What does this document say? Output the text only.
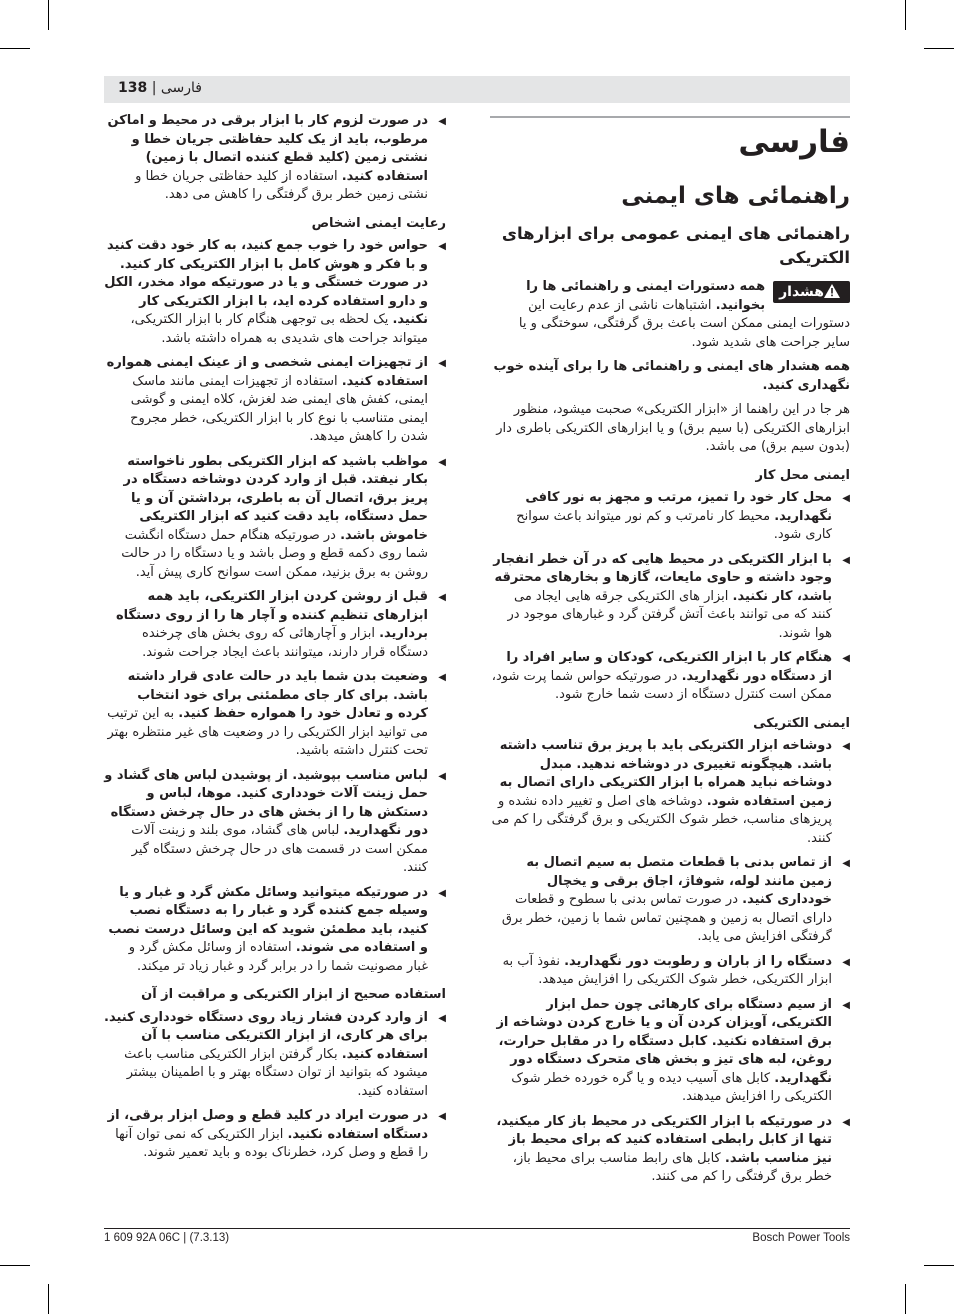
138 | فارسی
فارسی
راهنمائی های ایمنی
راهنمائی های ایمنی عمومی برای ابزارهای الکتریکی
هشدار
همه دستورات ایمنی و راهنمائی ها را بخوانید. اشتباهات ناشی از عدم رعایت این دستورات ایمنی ممکن است باعث برق گرفتگی، سوختگی و یا سایر جراحت های شدید شود.
همه هشدار های ایمنی و راهنمائی ها را برای آینده خوب نگهداری کنید.
هر جا در این راهنما از «ابزار الکتریکی» صحبت میشود، منظور ابزارهای الکتریکی (با سیم برق) و یا ابزارهای الکتریکی باطری دار (بدون سیم برق) می باشد.
ایمنی محل کار
◀ محل کار خود را تمیز، مرتب و مجهز به نور کافی نگهدارید. محیط کار نامرتب و کم نور میتواند باعث سوانح کاری شود.
◀ با ابزار الکتریکی در محیط هایی که در آن خطر انفجار وجود داشته و حاوی مایعات، گازها و بخارهای محترقه باشد، کار نکنید. ابزار های الکتریکی جرقه هایی ایجاد می کنند که می توانند باعث آتش گرفتن گرد و غبارهای موجود در هوا شوند.
◀ هنگام کار با ابزار الکتریکی، کودکان و سایر افراد را از دستگاه دور نگهدارید. در صورتیکه حواس شما پرت شود، ممکن است کنترل دستگاه از دست شما خارج شود.
ایمنی الکتریکی
◀ دوشاخه ابزار الکتریکی باید با پریز برق تناسب داشته باشد. هیچگونه تغییری در دوشاخه ندهید. مبدل دوشاخه نباید همراه با ابزار الکتریکی دارای اتصال به زمین استفاده شود. دوشاخه های اصل و تغییر داده نشده و پریزهای مناسب، خطر شوک الکتریکی و برق گرفتگی را کم می کنند.
◀ از تماس بدنی با قطعات متصل به سیم اتصال به زمین مانند لوله، شوفاژ، اجاق برقی و یخچال خودداری کنید. در صورت تماس بدنی با سطوح و قطعات دارای اتصال به زمین و همچنین تماس شما با زمین، خطر برق گرفتگی افزایش می یابد.
◀ دستگاه را از باران و رطوبت دور نگهدارید. نفوذ آب به ابزار الکتریکی، خطر شوک الکتریکی را افزایش میدهد.
◀ از سیم دستگاه برای کارهائی چون حمل ابزار الکتریکی، آویزان کردن آن و یا خارج کردن دوشاخه از برق استفاده نکنید. کابل دستگاه را در مقابل حرارت، روغن، لبه های تیز و بخش های متحرک دستگاه دور نگهدارید. کابل های آسیب دیده و یا گره خورده خطر شوک الکتریکی را افزایش میدهند.
◀ در صورتیکه با ابزار الکتریکی در محیط باز کار میکنید، تنها از کابل رابطی استفاده کنید که برای محیط باز نیز مناسب باشد. کابل های رابط مناسب برای محیط باز، خطر برق گرفتگی را کم می کنند.
◀ در صورت لزوم کار با ابزار برقی در محیط و اماکن مرطوب، باید از یک کلید حفاظتی جریان خطا و نشتی زمین (کلید قطع کننده اتصال با زمین) استفاده کنید. استفاده از کلید حفاظتی جریان خطا و نشتی زمین خطر برق گرفتگی را کاهش می دهد.
رعایت ایمنی اشخاص
◀ حواس خود را خوب جمع کنید، به کار خود دقت کنید و با فکر و هوش کامل با ابزار الکتریکی کار کنید. در صورت خستگی و یا در صورتیکه مواد مخدر، الکل و دارو استفاده کرده اید، با ابزار الکتریکی کار نکنید. یک لحظه بی توجهی هنگام کار با ابزار الکتریکی، میتواند جراحت های شدیدی به همراه داشته باشد.
◀ از تجهیزات ایمنی شخصی و از عینک ایمنی همواره استفاده کنید. استفاده از تجهیزات ایمنی مانند ماسک ایمنی، کفش های ایمنی ضد لغزش، کلاه ایمنی و گوشی ایمنی متناسب با نوع کار با ابزار الکتریکی، خطر مجروح شدن را کاهش میدهد.
◀ مواظب باشید که ابزار الکتریکی بطور ناخواسته بکار نیفتد. قبل از وارد کردن دوشاخه دستگاه در پریز برق، اتصال آن به باطری، برداشتن آن و یا حمل دستگاه، باید دقت کنید که ابزار الکتریکی خاموش باشد. در صورتیکه هنگام حمل دستگاه انگشت شما روی دکمه قطع و وصل باشد و یا دستگاه را در حالت روشن به برق بزنید، ممکن است سوانح کاری پیش آید.
◀ قبل از روشن کردن ابزار الکتریکی، باید همه ابزارهای تنظیم کننده و آچار ها را از روی دستگاه بردارید. ابزار و آچارهائی که روی بخش های چرخنده دستگاه قرار دارند، میتوانند باعث ایجاد جراحت شوند.
◀ وضعیت بدن شما باید در حالت عادی قرار داشته باشد. برای کار جای مطمئنی برای خود انتخاب کرده و تعادل خود را همواره حفظ کنید. به این ترتیب می توانید ابزار الکتریکی را در وضعیت های غیر منتظره بهتر تحت کنترل داشته باشید.
◀ لباس مناسب بپوشید. از پوشیدن لباس های گشاد و حمل زینت آلات خودداری کنید. موها، لباس و دستکش ها را از بخش های در حال چرخش دستگاه دور نگهدارید. لباس های گشاد، موی بلند و زینت آلات ممکن است در قسمت های در حال چرخش دستگاه گیر کنند.
◀ در صورتیکه میتوانید وسائل مکش گرد و غبار و یا وسیله جمع کننده گرد و غبار را به دستگاه نصب کنید، باید مطمئن شوید که این وسائل درست نصب و استفاده می شوند. استفاده از وسائل مکش گرد و غبار مصونیت شما را در برابر گرد و غبار زیاد تر میکند.
استفاده صحیح از ابزار الکتریکی و مراقبت از آن
◀ از وارد کردن فشار زیاد روی دستگاه خودداری کنید. برای هر کاری، از ابزار الکتریکی مناسب با آن استفاده کنید. بکار گرفتن ابزار الکتریکی مناسب باعث میشود که بتوانید از توان دستگاه بهتر و با اطمینان بیشتر استفاده کنید.
◀ در صورت ایراد در کلید قطع و وصل ابزار برقی، از دستگاه استفاده نکنید. ابزار الکتریکی که نمی توان آنها را قطع و وصل کرد، خطرناک بوده و باید تعمیر شوند.
1 609 92A 06C | (7.3.13)	Bosch Power Tools
